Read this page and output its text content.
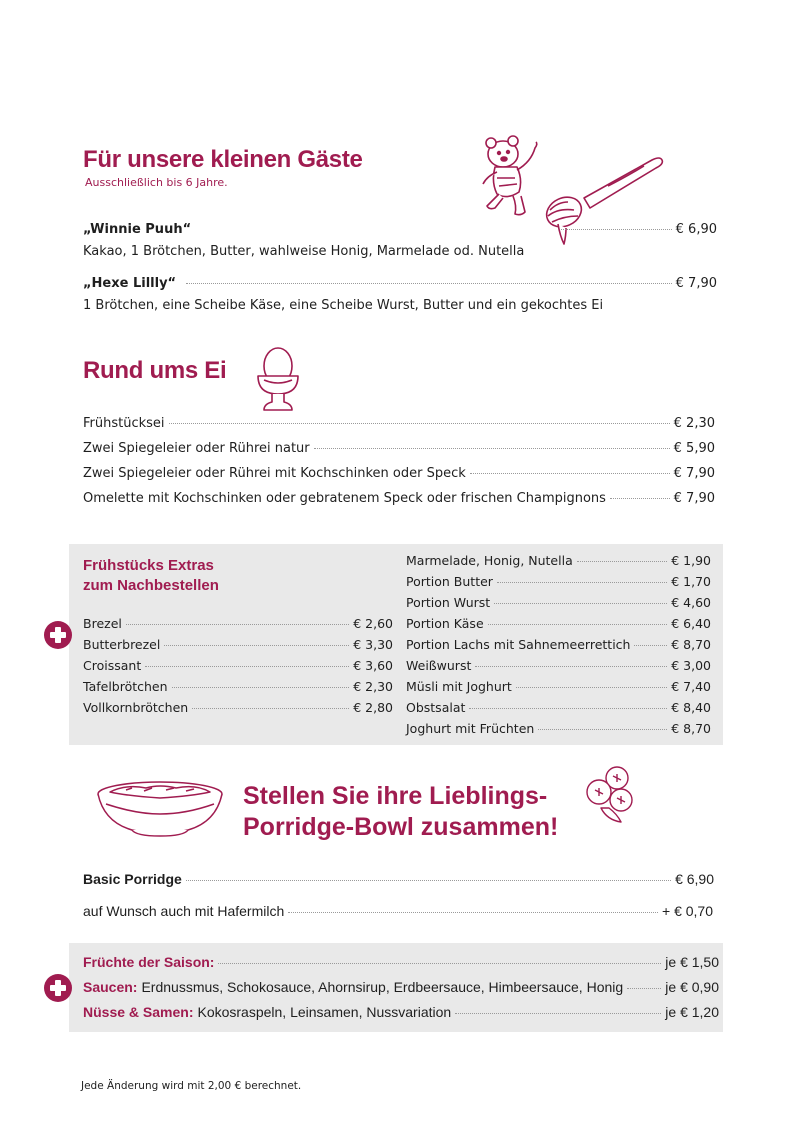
Für unsere kleinen Gäste
Ausschließlich bis 6 Jahre.
„Winnie Puuh“	€ 6,90
Kakao, 1 Brötchen, Butter, wahlweise Honig, Marmelade od. Nutella
„Hexe Lillly“	€ 7,90
1 Brötchen, eine Scheibe Käse, eine Scheibe Wurst, Butter und ein gekochtes Ei
Rund ums Ei
Frühstücksei	€ 2,30
Zwei Spiegeleier oder Rührei natur	€ 5,90
Zwei Spiegeleier oder Rührei mit Kochschinken oder Speck	€ 7,90
Omelette mit Kochschinken oder gebratenem Speck oder frischen Champignons	€ 7,90
Frühstücks Extras
zum Nachbestellen
Brezel	€ 2,60
Butterbrezel	€ 3,30
Croissant	€ 3,60
Tafelbrötchen	€ 2,30
Vollkornbrötchen	€ 2,80
Marmelade, Honig, Nutella	€ 1,90
Portion Butter	€ 1,70
Portion Wurst	€ 4,60
Portion Käse	€ 6,40
Portion Lachs mit Sahnemeerrettich	€ 8,70
Weißwurst	€ 3,00
Müsli mit Joghurt	€ 7,40
Obstsalat	€ 8,40
Joghurt mit Früchten	€ 8,70
Stellen Sie ihre Lieblings-
Porridge-Bowl zusammen!
Basic Porridge	€ 6,90
auf Wunsch auch mit Hafermilch	+ € 0,70
Früchte der Saison:	je € 1,50
Saucen: Erdnussmus, Schokosauce, Ahornsirup, Erdbeersauce, Himbeersauce, Honig	je € 0,90
Nüsse & Samen: Kokosraspeln, Leinsamen, Nussvariation	je € 1,20
Jede Änderung wird mit 2,00 € berechnet.
